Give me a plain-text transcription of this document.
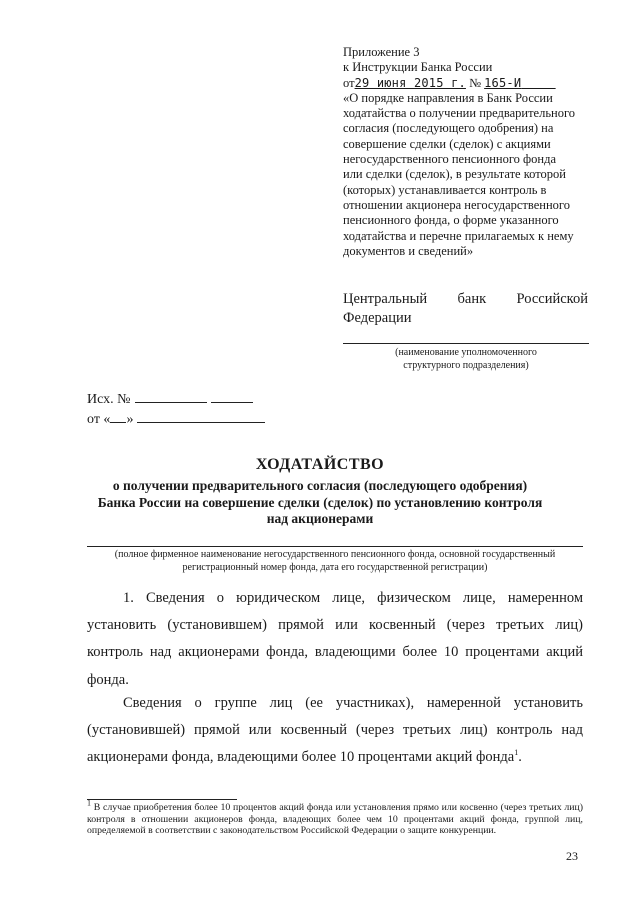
Приложение 3
к Инструкции Банка России
от29 июня 2015 г. № 165-И
«О порядке направления в Банк России
ходатайства о получении предварительного
согласия (последующего одобрения) на
совершение сделки (сделок) с акциями
негосударственного пенсионного фонда
или сделки (сделок), в результате которой
(которых) устанавливается контроль в
отношении акционера негосударственного
пенсионного фонда, о форме указанного
ходатайства и перечне прилагаемых к нему
документов и сведений»
Центральный банк Российской
Федерации
(наименование уполномоченного
структурного подразделения)
Исх. №
от « »
ХОДАТАЙСТВО
о получении предварительного согласия (последующего одобрения)
Банка России на совершение сделки (сделок) по установлению контроля
над акционерами
(полное фирменное наименование негосударственного пенсионного фонда, основной государственный
регистрационный номер фонда, дата его государственной регистрации)
1. Сведения о юридическом лице, физическом лице, намеренном установить (установившем) прямой или косвенный (через третьих лиц) контроль над акционерами фонда, владеющими более 10 процентами акций фонда.
Сведения о группе лиц (ее участниках), намеренной установить (установившей) прямой или косвенный (через третьих лиц) контроль над акционерами фонда, владеющими более 10 процентами акций фонда$^1$.
$^1$ В случае приобретения более 10 процентов акций фонда или установления прямо или косвенно (через третьих лиц) контроля в отношении акционеров фонда, владеющих более чем 10 процентами акций фонда, группой лиц, определяемой в соответствии с законодательством Российской Федерации о защите конкуренции.
23
